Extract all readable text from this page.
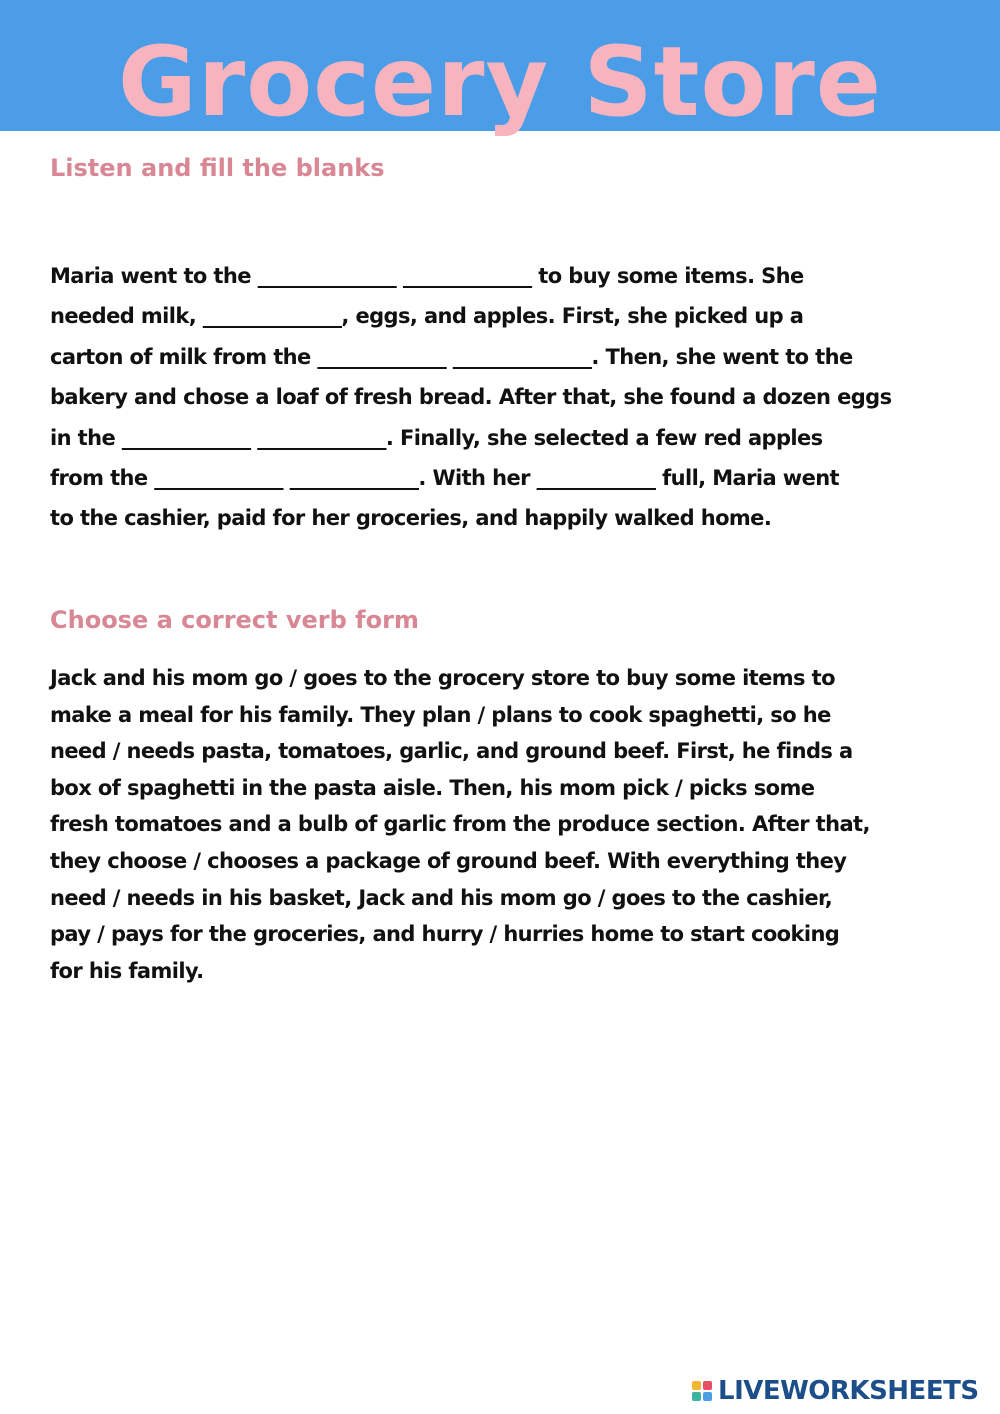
Grocery Store
Listen and fill the blanks

Maria went to the ______________ _____________ to buy some items. She
needed milk, ______________, eggs, and apples. First, she picked up a
carton of milk from the _____________ ______________. Then, she went to the
bakery and chose a loaf of fresh bread. After that, she found a dozen eggs
in the _____________ _____________. Finally, she selected a few red apples
from the _____________ _____________. With her ____________ full, Maria went
to the cashier, paid for her groceries, and happily walked home.

Choose a correct verb form

Jack and his mom go / goes to the grocery store to buy some items to
make a meal for his family. They plan / plans to cook spaghetti, so he
need / needs pasta, tomatoes, garlic, and ground beef. First, he finds a
box of spaghetti in the pasta aisle. Then, his mom pick / picks some
fresh tomatoes and a bulb of garlic from the produce section. After that,
they choose / chooses a package of ground beef. With everything they
need / needs in his basket, Jack and his mom go / goes to the cashier,
pay / pays for the groceries, and hurry / hurries home to start cooking
for his family.

LIVEWORKSHEETS
